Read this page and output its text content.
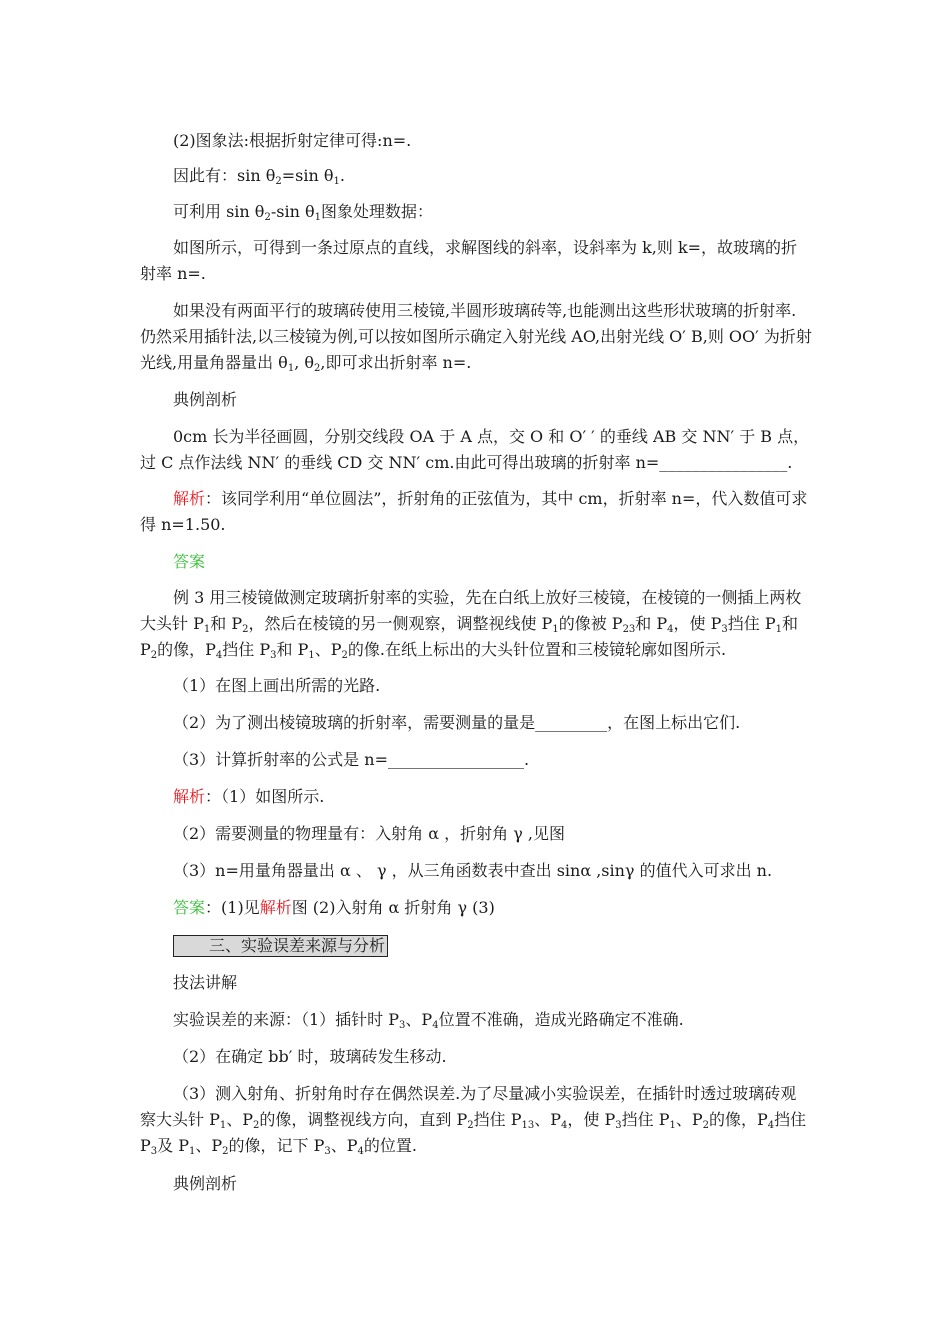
(2)图象法:根据折射定律可得:n=.

因此有：$\sin \theta_2=\sin$ $\theta_1$.

可利用 $\sin \theta_2-\sin$ $\theta_1$图象处理数据：

如图所示，可得到一条过原点的直线，求解图线的斜率，设斜率为 k,则 k=，故玻璃的折射率 n=.

如果没有两面平行的玻璃砖使用三棱镜,半圆形玻璃砖等,也能测出这些形状玻璃的折射率.仍然采用插针法,以三棱镜为例,可以按如图所示确定入射光线 AO,出射光线 O′ B,则 OO′ 为折射光线,用量角器量出 $\theta_1$, $\theta_2$,即可求出折射率 n=.

典例剖析

0cm 长为半径画圆，分别交线段 OA 于 A 点，交 O 和 O′ ′ 的垂线 AB 交 NN′ 于 B 点，过 C 点作法线 NN′ 的垂线 CD 交 NN′ cm.由此可得出玻璃的折射率 n=________________.

解析：该同学利用“单位圆法”，折射角的正弦值为，其中 cm，折射率 n=，代入数值可求得 n=1.50.

答案

例 3 用三棱镜做测定玻璃折射率的实验，先在白纸上放好三棱镜，在棱镜的一侧插上两枚大头针 $P_1$和 $P_2$，然后在棱镜的另一侧观察，调整视线使 $P_1$的像被 $P_{23}$和 $P_4$，使 $P_3$挡住 $P_1$和 $P_2$的像，$P_4$挡住 $P_3$和 $P_1$、$P_2$的像.在纸上标出的大头针位置和三棱镜轮廓如图所示.

（1）在图上画出所需的光路.

（2）为了测出棱镜玻璃的折射率，需要测量的量是_________，在图上标出它们.

（3）计算折射率的公式是 n=_________________.

解析：（1）如图所示.

（2）需要测量的物理量有：入射角 α ，折射角 γ ,见图

（3）n=用量角器量出 α 、 γ ，从三角函数表中查出 sinα ,sinγ 的值代入可求出 n.

答案：(1)见解析图 (2)入射角 α 折射角 γ (3)

三、实验误差来源与分析

技法讲解

实验误差的来源：（1）插针时 $P_3$、$P_4$位置不准确，造成光路确定不准确.

（2）在确定 bb′ 时，玻璃砖发生移动.

（3）测入射角、折射角时存在偶然误差.为了尽量减小实验误差，在插针时透过玻璃砖观察大头针 $P_1$、$P_2$的像，调整视线方向，直到 $P_2$挡住 $P_{13}$、$P_4$，使 $P_3$挡住 $P_1$、$P_2$的像，$P_4$挡住 $P_3$及 $P_1$、$P_2$的像，记下 $P_3$、$P_4$的位置.

典例剖析
